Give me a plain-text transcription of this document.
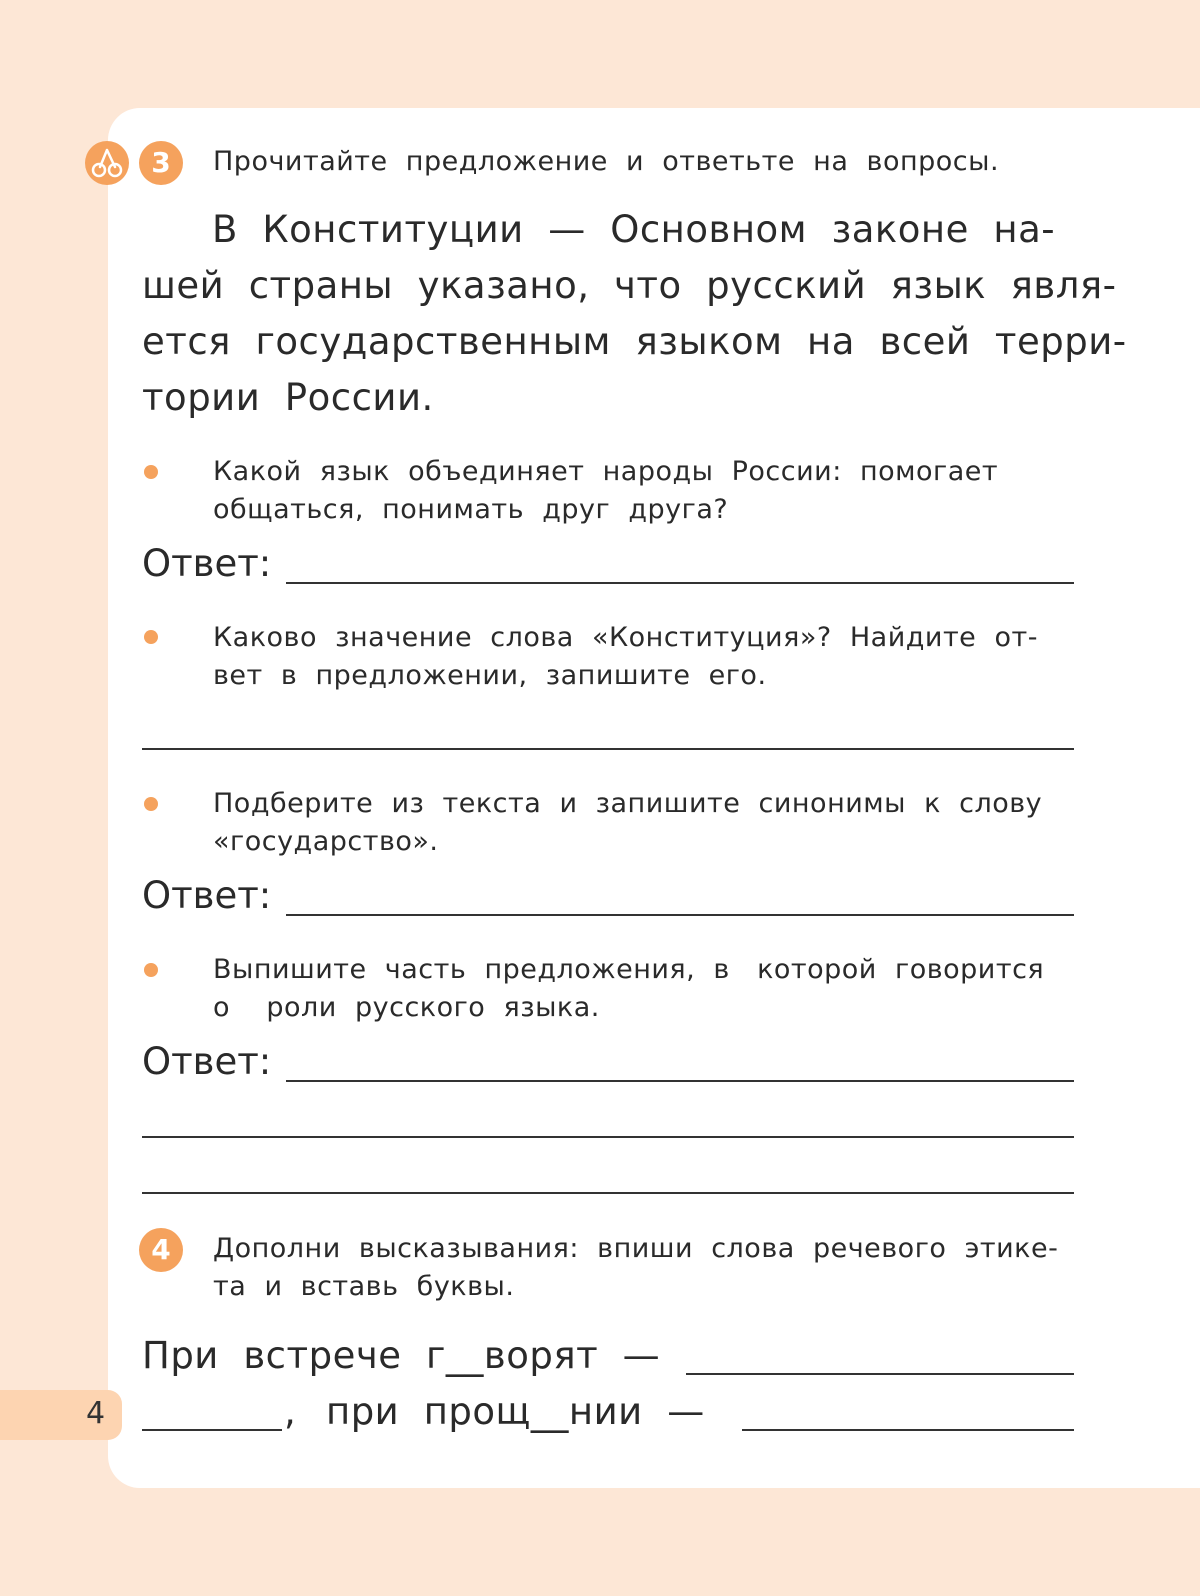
3	Прочитайте  предложение  и  ответьте  на  вопросы.
В  Конституции  —  Основном  законе  на-
шей  страны  указано,  что  русский  язык  явля-
ется  государственным  языком  на  всей  терри-
тории  России.
Какой  язык  объединяет  народы  России:  помогает
общаться,  понимать  друг  друга?
Ответ:
Каково  значение  слова  «Конституция»?  Найдите  от-
вет  в  предложении,  запишите  его.
Подберите  из  текста  и  запишите  синонимы  к  слову
«государство».
Ответ:
Выпишите  часть  предложения,  в   которой  говорится
о    роли  русского  языка.
Ответ:
4	Дополни  высказывания:  впиши  слова  речевого  этике-
та  и  вставь  буквы.
При  встрече  г__ворят  —
, при  прощ__нии  —
4
